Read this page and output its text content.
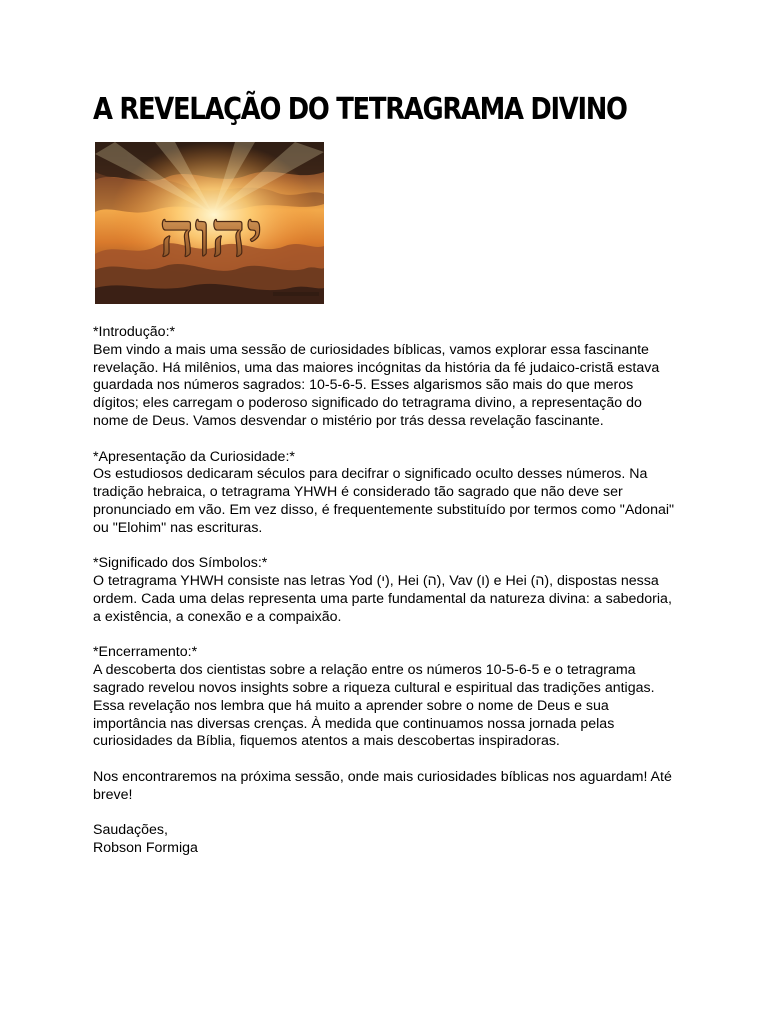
A REVELAÇÃO DO TETRAGRAMA DIVINO
יהוה

*Introdução:*
Bem vindo a mais uma sessão de curiosidades bíblicas, vamos explorar essa fascinante
revelação. Há milênios, uma das maiores incógnitas da história da fé judaico-cristã estava
guardada nos números sagrados: 10-5-6-5. Esses algarismos são mais do que meros
dígitos; eles carregam o poderoso significado do tetragrama divino, a representação do
nome de Deus. Vamos desvendar o mistério por trás dessa revelação fascinante.

*Apresentação da Curiosidade:*
Os estudiosos dedicaram séculos para decifrar o significado oculto desses números. Na
tradição hebraica, o tetragrama YHWH é considerado tão sagrado que não deve ser
pronunciado em vão. Em vez disso, é frequentemente substituído por termos como "Adonai"
ou "Elohim" nas escrituras.

*Significado dos Símbolos:*
O tetragrama YHWH consiste nas letras Yod (י), Hei (ה), Vav (ו) e Hei (ה), dispostas nessa
ordem. Cada uma delas representa uma parte fundamental da natureza divina: a sabedoria,
a existência, a conexão e a compaixão.

*Encerramento:*
A descoberta dos cientistas sobre a relação entre os números 10-5-6-5 e o tetragrama
sagrado revelou novos insights sobre a riqueza cultural e espiritual das tradições antigas.
Essa revelação nos lembra que há muito a aprender sobre o nome de Deus e sua
importância nas diversas crenças. À medida que continuamos nossa jornada pelas
curiosidades da Bíblia, fiquemos atentos a mais descobertas inspiradoras.

Nos encontraremos na próxima sessão, onde mais curiosidades bíblicas nos aguardam! Até
breve!

Saudações,
Robson Formiga
